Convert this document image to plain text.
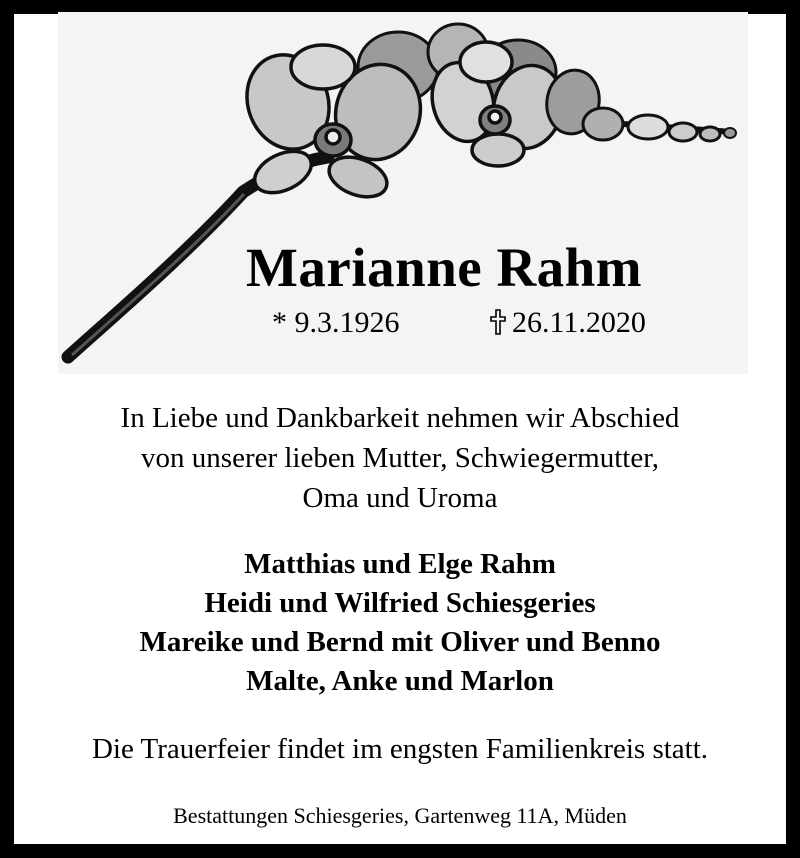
Marianne Rahm
* 9.3.1926	26.11.2020
In Liebe und Dankbarkeit nehmen wir Abschied
von unserer lieben Mutter, Schwiegermutter,
Oma und Uroma
Matthias und Elge Rahm
Heidi und Wilfried Schiesgeries
Mareike und Bernd mit Oliver und Benno
Malte, Anke und Marlon
Die Trauerfeier findet im engsten Familienkreis statt.
Bestattungen Schiesgeries, Gartenweg 11A, Müden
